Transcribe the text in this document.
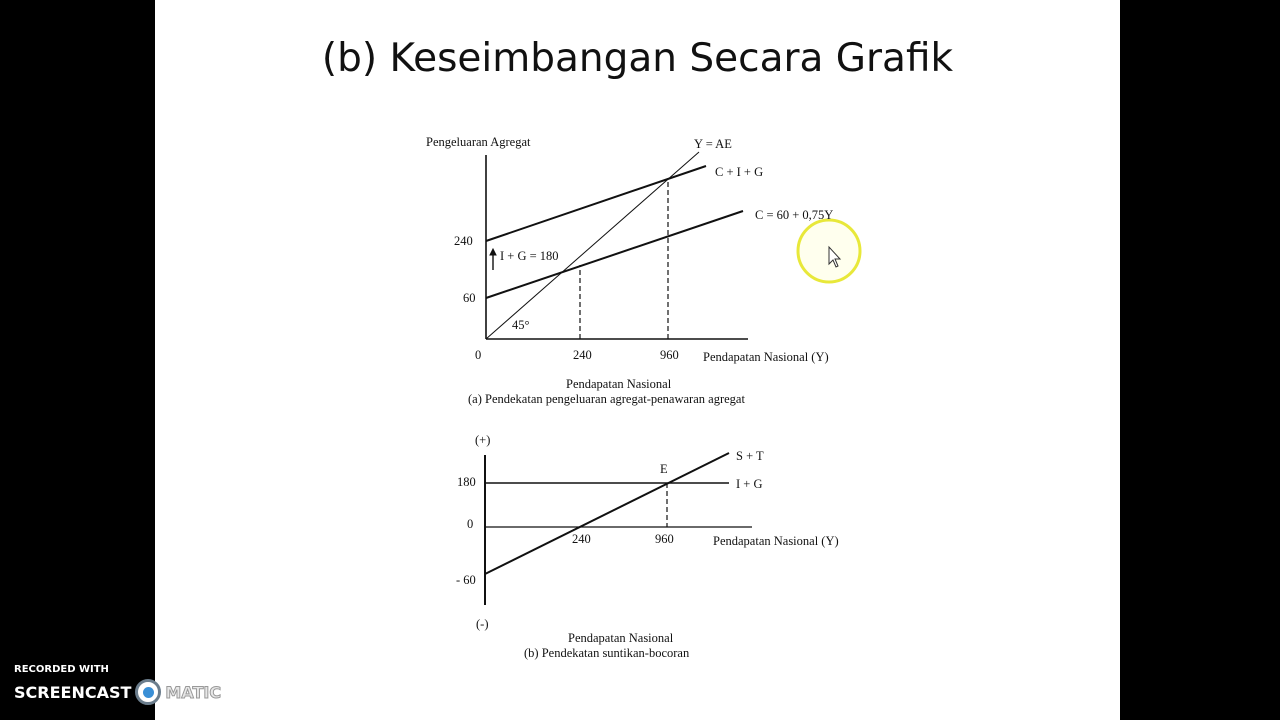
(b) Keseimbangan Secara Grafik
Pengeluaran Agregat	Y = AE
C + I + G
C = 60 + 0,75Y
240
60
I + G = 180
45°
0	240	960 Pendapatan Nasional (Y)
Pendapatan Nasional
(a) Pendekatan pengeluaran agregat-penawaran agregat
(+)
180
0
- 60
(-)
240	960	Pendapatan Nasional (Y)
E
S + T
I + G
Pendapatan Nasional
(b) Pendekatan suntikan-bocoran
RECORDED WITH
SCREENCAST MATIC
